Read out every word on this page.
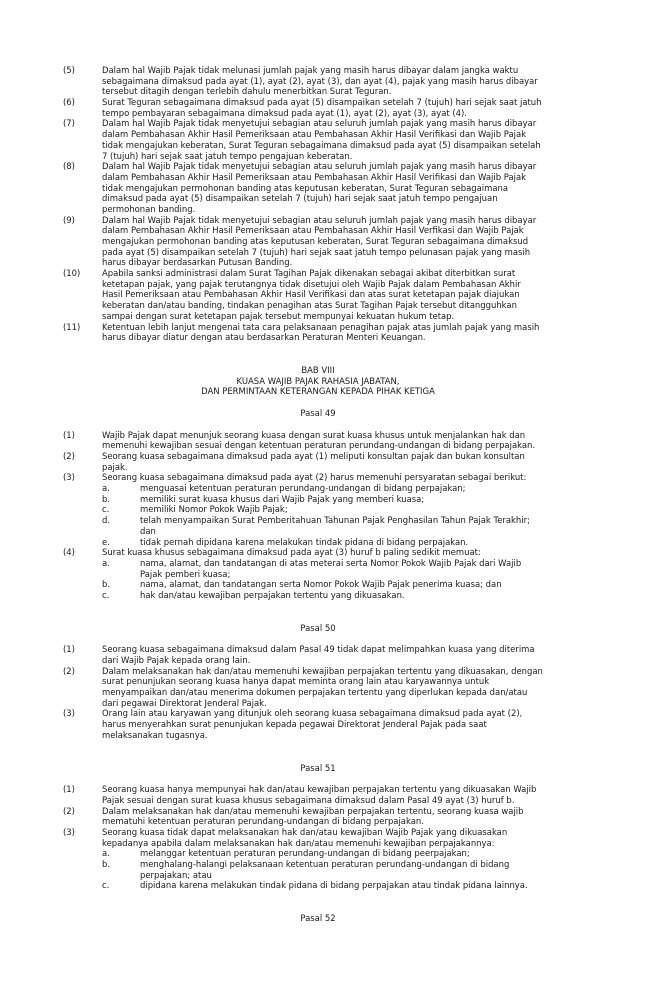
(5)	Dalam hal Wajib Pajak tidak melunasi jumlah pajak yang masih harus dibayar dalam jangka waktu
sebagaimana dimaksud pada ayat (1), ayat (2), ayat (3), dan ayat (4), pajak yang masih harus dibayar
tersebut ditagih dengan terlebih dahulu menerbitkan Surat Teguran.
(6)	Surat Teguran sebagaimana dimaksud pada ayat (5) disampaikan setelah 7 (tujuh) hari sejak saat jatuh
tempo pembayaran sebagaimana dimaksud pada ayat (1), ayat (2), ayat (3), ayat (4).
(7)	Dalam hal Wajib Pajak tidak menyetujui sebagian atau seluruh jumlah pajak yang masih harus dibayar
dalam Pembahasan Akhir Hasil Pemeriksaan atau Pembahasan Akhir Hasil Verifikasi dan Wajib Pajak
tidak mengajukan keberatan, Surat Teguran sebagaimana dimaksud pada ayat (5) disampaikan setelah
7 (tujuh) hari sejak saat jatuh tempo pengajuan keberatan.
(8)	Dalam hal Wajib Pajak tidak menyetujui sebagian atau seluruh jumlah pajak yang masih harus dibayar
dalam Pembahasan Akhir Hasil Pemeriksaan atau Pembahasan Akhir Hasil Verifikasi dan Wajib Pajak
tidak mengajukan permohonan banding atas keputusan keberatan, Surat Teguran sebagaimana
dimaksud pada ayat (5) disampaikan setelah 7 (tujuh) hari sejak saat jatuh tempo pengajuan
permohonan banding.
(9)	Dalam hal Wajib Pajak tidak menyetujui sebagian atau seluruh jumlah pajak yang masih harus dibayar
dalam Pembahasan Akhir Hasil Pemeriksaan atau Pembahasan Akhir Hasil Verfikasi dan Wajib Pajak
mengajukan permohonan banding atas keputusan keberatan, Surat Teguran sebagaimana dimaksud
pada ayat (5) disampaikan setelah 7 (tujuh) hari sejak saat jatuh tempo pelunasan pajak yang masih
harus dibayar berdasarkan Putusan Banding.
(10)	Apabila sanksi administrasi dalam Surat Tagihan Pajak dikenakan sebagai akibat diterbitkan surat
ketetapan pajak, yang pajak terutangnya tidak disetujui oleh Wajib Pajak dalam Pembahasan Akhir
Hasil Pemeriksaan atau Pembahasan Akhir Hasil Verifikasi dan atas surat ketetapan pajak diajukan
keberatan dan/atau banding, tindakan penagihan atas Surat Tagihan Pajak tersebut ditangguhkan
sampai dengan surat ketetapan pajak tersebut mempunyai kekuatan hukum tetap.
(11)	Ketentuan lebih lanjut mengenai tata cara pelaksanaan penagihan pajak atas jumlah pajak yang masih
harus dibayar diatur dengan atau berdasarkan Peraturan Menteri Keuangan.
BAB VIII
KUASA WAJIB PAJAK RAHASIA JABATAN,
DAN PERMINTAAN KETERANGAN KEPADA PIHAK KETIGA
Pasal 49
(1)	Wajib Pajak dapat menunjuk seorang kuasa dengan surat kuasa khusus untuk menjalankan hak dan
memenuhi kewajiban sesuai dengan ketentuan peraturan perundang-undangan di bidang perpajakan.
(2)	Seorang kuasa sebagaimana dimaksud pada ayat (1) meliputi konsultan pajak dan bukan konsultan
pajak.
(3)	Seorang kuasa sebagaimana dimaksud pada ayat (2) harus memenuhi persyaratan sebagai berikut:
a.	menguasai ketentuan peraturan perundang-undangan di bidang perpajakan;
b.	memiliki surat kuasa khusus dari Wajib Pajak yang memberi kuasa;
c.	memiliki Nomor Pokok Wajib Pajak;
d.	telah menyampaikan Surat Pemberitahuan Tahunan Pajak Penghasilan Tahun Pajak Terakhir;
dan
e.	tidak pernah dipidana karena melakukan tindak pidana di bidang perpajakan.
(4)	Surat kuasa khusus sebagaimana dimaksud pada ayat (3) huruf b paling sedikit memuat:
a.	nama, alamat, dan tandatangan di atas meterai serta Nomor Pokok Wajib Pajak dari Wajib
Pajak pemberi kuasa;
b.	nama, alamat, dan tandatangan serta Nomor Pokok Wajib Pajak penerima kuasa; dan
c.	hak dan/atau kewajiban perpajakan tertentu yang dikuasakan.
Pasal 50
(1)	Seorang kuasa sebagaimana dimaksud dalam Pasal 49 tidak dapat melimpahkan kuasa yang diterima
dari Wajib Pajak kepada orang lain.
(2)	Dalam melaksanakan hak dan/atau memenuhi kewajiban perpajakan tertentu yang dikuasakan, dengan
surat penunjukan seorang kuasa hanya dapat meminta orang lain atau karyawannya untuk
menyampaikan dan/atau menerima dokumen perpajakan tertentu yang diperlukan kepada dan/atau
dari pegawai Direktorat Jenderal Pajak.
(3)	Orang lain atau karyawan yang ditunjuk oleh seorang kuasa sebagaimana dimaksud pada ayat (2),
harus menyerahkan surat penunjukan kepada pegawai Direktorat Jenderal Pajak pada saat
melaksanakan tugasnya.
Pasal 51
(1)	Seorang kuasa hanya mempunyai hak dan/atau kewajiban perpajakan tertentu yang dikuasakan Wajib
Pajak sesuai dengan surat kuasa khusus sebagaimana dimaksud dalam Pasal 49 ayat (3) huruf b.
(2)	Dalam melaksanakan hak dan/atau memenuhi kewajiban perpajakan tertentu, seorang kuasa wajib
mematuhi ketentuan peraturan perundang-undangan di bidang perpajakan.
(3)	Seorang kuasa tidak dapat melaksanakan hak dan/atau kewajiban Wajib Pajak yang dikuasakan
kepadanya apabila dalam melaksanakan hak dan/atau memenuhi kewajiban perpajakannya:
a.	melanggar ketentuan peraturan perundang-undangan di bidang peerpajakan;
b.	menghalang-halangi pelaksanaan ketentuan peraturan perundang-undangan di bidang
perpajakan; atau
c.	dipidana karena melakukan tindak pidana di bidang perpajakan atau tindak pidana lainnya.
Pasal 52
